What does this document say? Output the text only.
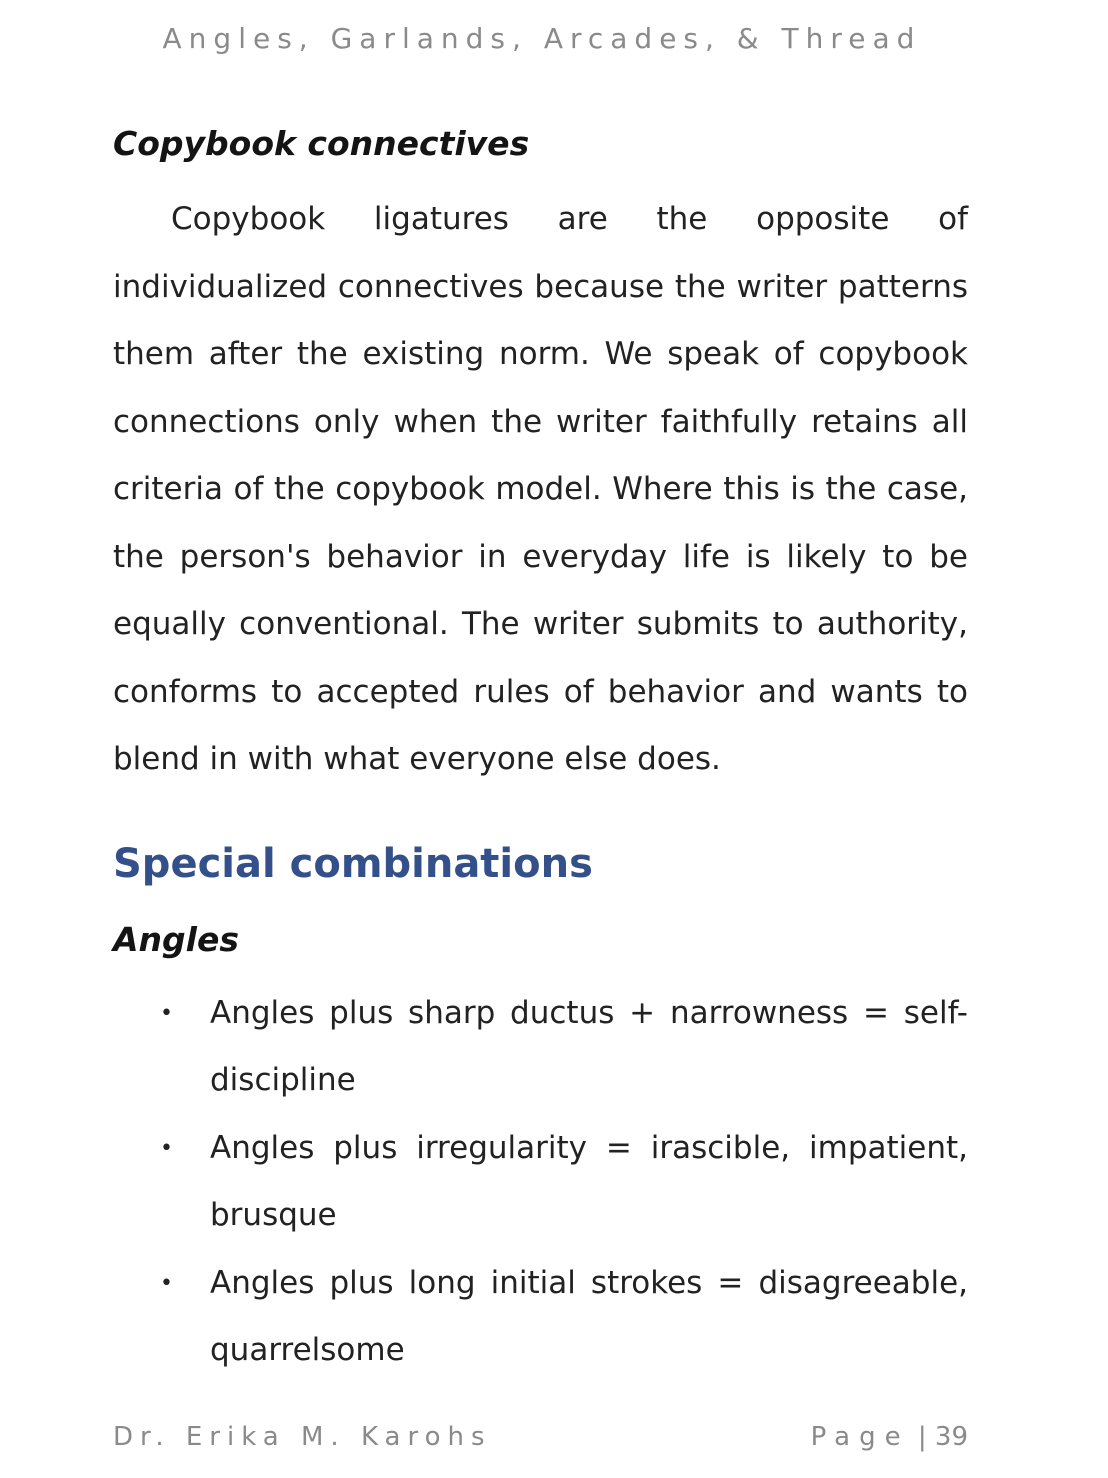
Angles, Garlands, Arcades, & Thread
Copybook connectives

Copybook ligatures are the opposite of individualized connectives because the writer patterns them after the existing norm. We speak of copybook connections only when the writer faithfully retains all criteria of the copybook model. Where this is the case, the person's behavior in everyday life is likely to be equally conventional. The writer submits to authority, conforms to accepted rules of behavior and wants to blend in with what everyone else does.

Special combinations
Angles
• Angles plus sharp ductus + narrowness = self-discipline
• Angles plus irregularity = irascible, impatient, brusque
• Angles plus long initial strokes = disagreeable, quarrelsome
Dr. Erika M. Karohs	Page | 39
